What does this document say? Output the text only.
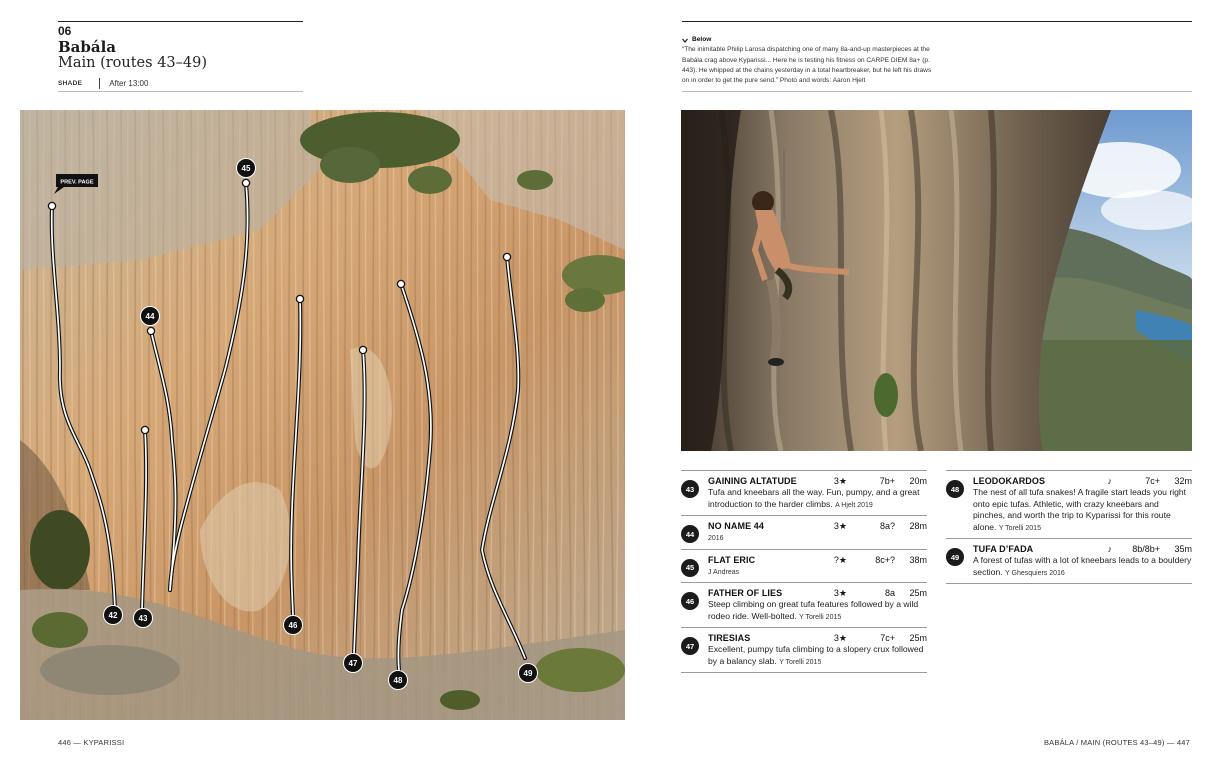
06
Babála
Main (routes 43–49)
SHADE	After 13:00
PREV. PAGE
42	43
44
45
46
47
48
49
Below
“The inimitable Philip Larosa dispatching one of many 8a-and-up masterpieces at the Babála crag above Kyparissi... Here he is testing his fitness on CARPE DIEM 8a+ (p. 443). He whipped at the chains yesterday in a total heartbreaker, but he left his draws on in order to get the pure send.” Photo and words: Aaron Hjelt
43
GAINING ALTATUDE	3★	7b+	20m
Tufa and kneebars all the way. Fun, pumpy, and a great introduction to the harder climbs. A Hjelt 2019
44
NO NAME 44	3★	8a?	28m
2016
45
FLAT ERIC	?★	8c+?	38m
J Andreas
46
FATHER OF LIES	3★	8a	25m
Steep climbing on great tufa features followed by a wild rodeo ride. Well-bolted. Y Torelli 2015
47
TIRESIAS	3★	7c+	25m
Excellent, pumpy tufa climbing to a slopery crux followed by a balancy slab. Y Torelli 2015
48
LEODOKARDOS	♪	7c+	32m
The nest of all tufa snakes! A fragile start leads you right onto epic tufas. Athletic, with crazy kneebars and pinches, and worth the trip to Kyparissi for this route alone. Y Torelli 2015
49
TUFA D’FADA	♪	8b/8b+	35m
A forest of tufas with a lot of kneebars leads to a bouldery section. Y Ghesquiers 2016
446 — KYPARISSI	BABÁLA / MAIN (ROUTES 43–49) — 447
